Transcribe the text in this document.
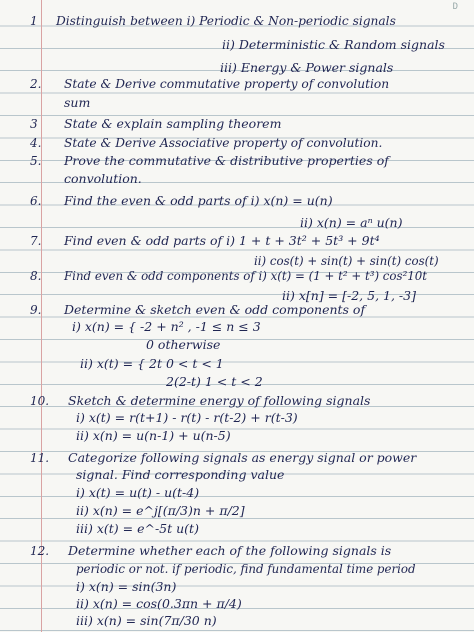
D
1 Distinguish between i) Periodic & Non-periodic signals
ii) Deterministic & Random signals
iii) Energy & Power signals
2. State & Derive commutative property of convolution
sum
3 State & explain sampling theorem
4. State & Derive Associative property of convolution.
5. Prove the commutative & distributive properties of
convolution.
6. Find the even & odd parts of i) x(n) = u(n)
ii) x(n) = aⁿ u(n)
7. Find even & odd parts of i) 1 + t + 3t² + 5t³ + 9t⁴
ii) cos(t) + sin(t) + sin(t) cos(t)
8. Find even & odd components of i) x(t) = (1 + t² + t³) cos²10t
ii) x[n] = [-2, 5, 1, -3]
9. Determine & sketch even & odd components of
i) x(n) = { -2 + n² , -1 ≤ n ≤ 3
0 otherwise
ii) x(t) = { 2t 0 < t < 1
2(2-t) 1 < t < 2
10. Sketch & determine energy of following signals
i) x(t) = r(t+1) - r(t) - r(t-2) + r(t-3)
ii) x(n) = u(n-1) + u(n-5)
11. Categorize following signals as energy signal or power
signal. Find corresponding value
i) x(t) = u(t) - u(t-4)
ii) x(n) = e^j[(π/3)n + π/2]
iii) x(t) = e^-5t u(t)
12. Determine whether each of the following signals is
periodic or not. if periodic, find fundamental time period
i) x(n) = sin(3n)
ii) x(n) = cos(0.3πn + π/4)
iii) x(n) = sin(7π/30 n)
